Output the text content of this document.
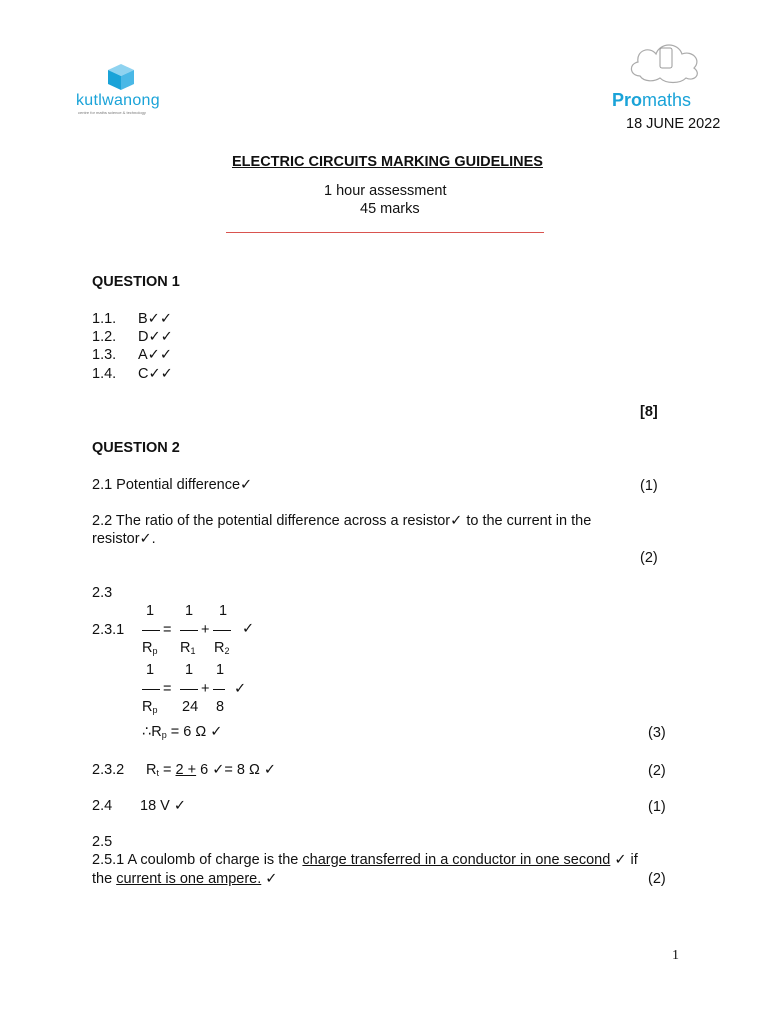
kutlwanong
centre for maths science & technology
Promaths
18 JUNE 2022
ELECTRIC CIRCUITS MARKING GUIDELINES
1 hour assessment
45 marks
QUESTION 1
1.1. B✓✓
1.2. D✓✓
1.3. A✓✓
1.4. C✓✓
[8]
QUESTION 2
2.1 Potential difference✓	(1)
2.2 The ratio of the potential difference across a resistor✓ to the current in the
resistor✓.
(2)
2.3
2.3.1
1 1 1
= + ✓
$R_p$ $R_1$ $R_2$
1 1 1
= + ✓
$R_p$ 24 8
$\therefore R_p = 6$ Ω ✓	(3)
2.3.2 $R_t = 2 + 6$ ✓= 8 Ω ✓	(2)
2.4 18 V ✓	(1)
2.5
2.5.1 A coulomb of charge is the charge transferred in a conductor in one second ✓ if
the current is one ampere. ✓	(2)
1
